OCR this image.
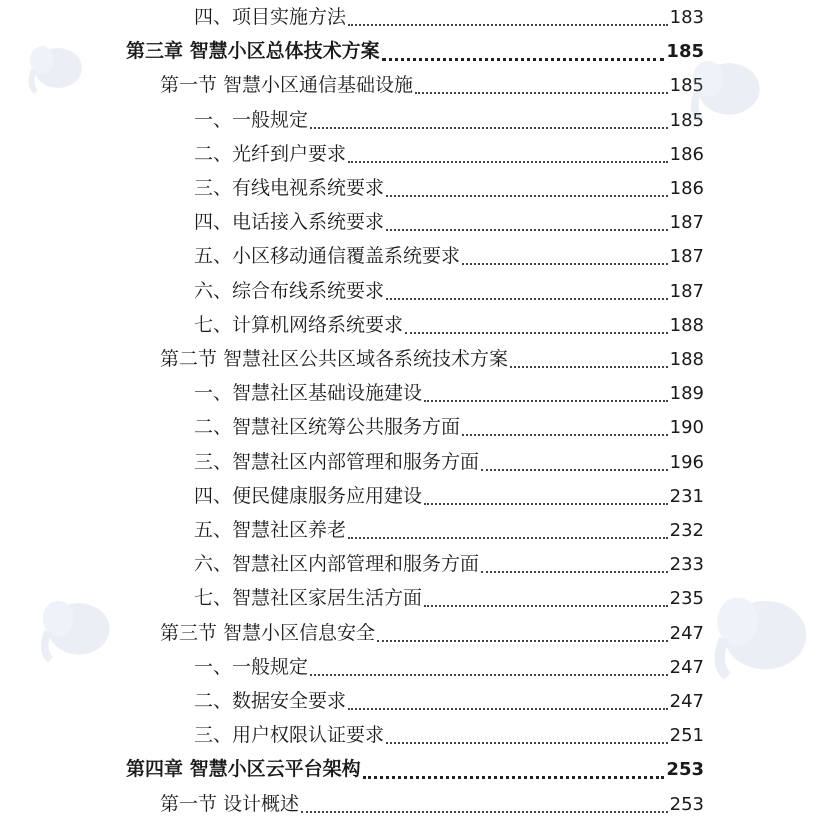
四、项目实施方法	183
第三章 智慧小区总体技术方案	185
第一节 智慧小区通信基础设施	185
一、一般规定	185
二、光纤到户要求	186
三、有线电视系统要求	186
四、电话接入系统要求	187
五、小区移动通信覆盖系统要求	187
六、综合布线系统要求	187
七、计算机网络系统要求	188
第二节 智慧社区公共区域各系统技术方案	188
一、智慧社区基础设施建设	189
二、智慧社区统筹公共服务方面	190
三、智慧社区内部管理和服务方面	196
四、便民健康服务应用建设	231
五、智慧社区养老	232
六、智慧社区内部管理和服务方面	233
七、智慧社区家居生活方面	235
第三节 智慧小区信息安全	247
一、一般规定	247
二、数据安全要求	247
三、用户权限认证要求	251
第四章 智慧小区云平台架构	253
第一节 设计概述	253
